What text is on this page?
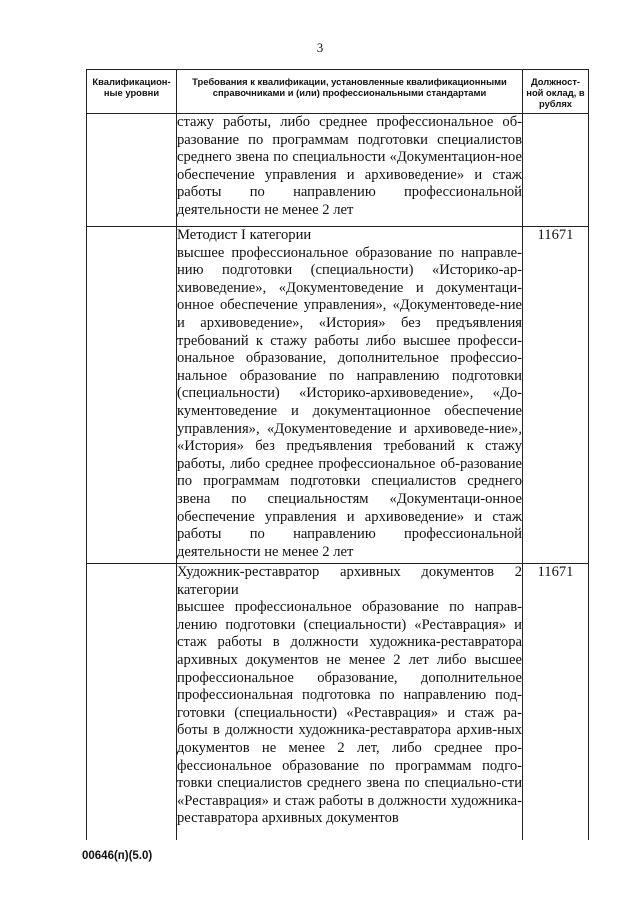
3
Квалификацион-ные уровни	Требования к квалификации, установленные квалификационными справочниками и (или) профессиональными стандартами	Должност-ной оклад, в рублях

	стажу работы, либо среднее профессиональное об-разование по программам подготовки специалистов среднего звена по специальности «Документацион-ное обеспечение управления и архивоведение» и стаж работы по направлению профессиональной деятельности не менее 2 лет	

	Методист I категории

высшее профессиональное образование по направле-нию подготовки (специальности) «Историко-ар-хивоведение», «Документоведение и документаци-онное обеспечение управления», «Документоведе-ние и архивоведение», «История» без предъявления требований к стажу работы либо высшее професси-ональное образование, дополнительное профессио-нальное образование по направлению подготовки (специальности) «Историко-архивоведение», «До-кументоведение и документационное обеспечение управления», «Документоведение и архивоведе-ние», «История» без предъявления требований к стажу работы, либо среднее профессиональное об-разование по программам подготовки специалистов среднего звена по специальностям «Документаци-онное обеспечение управления и архивоведение» и стаж работы по направлению профессиональной деятельности не менее 2 лет	11671

	Художник-реставратор архивных документов 2 категории

высшее профессиональное образование по направ-лению подготовки (специальности) «Реставрация» и стаж работы в должности художника-реставратора архивных документов не менее 2 лет либо высшее профессиональное образование, дополнительное профессиональная подготовка по направлению под-готовки (специальности) «Реставрация» и стаж ра-боты в должности художника-реставратора архив-ных документов не менее 2 лет, либо среднее про-фессиональное образование по программам подго-товки специалистов среднего звена по специально-сти «Реставрация» и стаж работы в должности художника-реставратора архивных документов	11671
00646(п)(5.0)
